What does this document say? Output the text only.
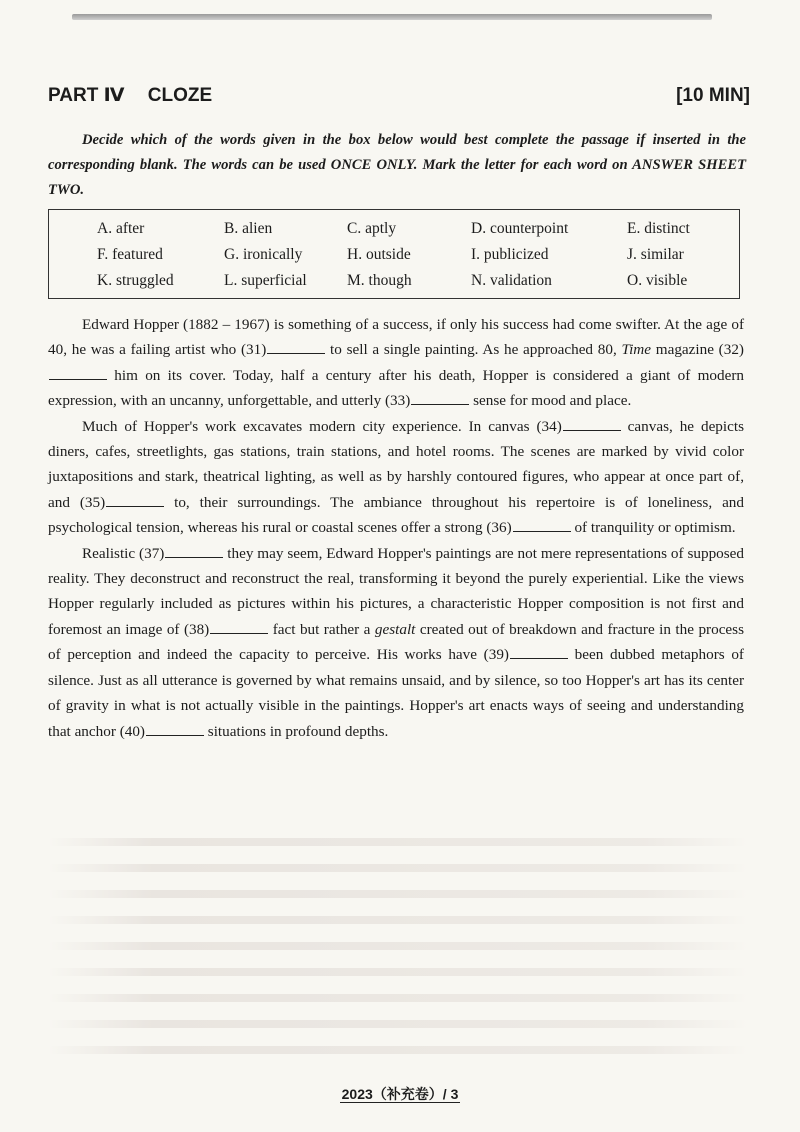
PART Ⅳ CLOZE	[10 MIN]

Decide which of the words given in the box below would best complete the passage if inserted in the corresponding blank. The words can be used ONCE ONLY. Mark the letter for each word on ANSWER SHEET TWO.

A. after	B. alien	C. aptly	D. counterpoint	E. distinct
F. featured	G. ironically	H. outside	I. publicized	J. similar
K. struggled	L. superficial	M. though	N. validation	O. visible

Edward Hopper (1882 – 1967) is something of a success, if only his success had come swifter. At the age of 40, he was a failing artist who (31)	to sell a single painting. As he approached 80, Time magazine (32) him on its cover. Today, half a century after his death, Hopper is considered a giant of modern expression, with an uncanny, unforgettable, and utterly (33)	sense for mood and place.

Much of Hopper's work excavates modern city experience. In canvas (34)	canvas, he depicts diners, cafes, streetlights, gas stations, train stations, and hotel rooms. The scenes are marked by vivid color juxtapositions and stark, theatrical lighting, as well as by harshly contoured figures, who appear at once part of, and (35)	to, their surroundings. The ambiance throughout his repertoire is of loneliness, and psychological tension, whereas his rural or coastal scenes offer a strong (36)	of tranquility or optimism.

Realistic (37)	they may seem, Edward Hopper's paintings are not mere representations of supposed reality. They deconstruct and reconstruct the real, transforming it beyond the purely experiential. Like the views Hopper regularly included as pictures within his pictures, a characteristic Hopper composition is not first and foremost an image of (38)	fact but rather a gestalt created out of breakdown and fracture in the process of perception and indeed the capacity to perceive. His works have (39)	been dubbed metaphors of silence. Just as all utterance is governed by what remains unsaid, and by silence, so too Hopper's art has its center of gravity in what is not actually visible in the paintings. Hopper's art enacts ways of seeing and understanding that anchor (40)	situations in profound depths.

2023（补充卷）/ 3
